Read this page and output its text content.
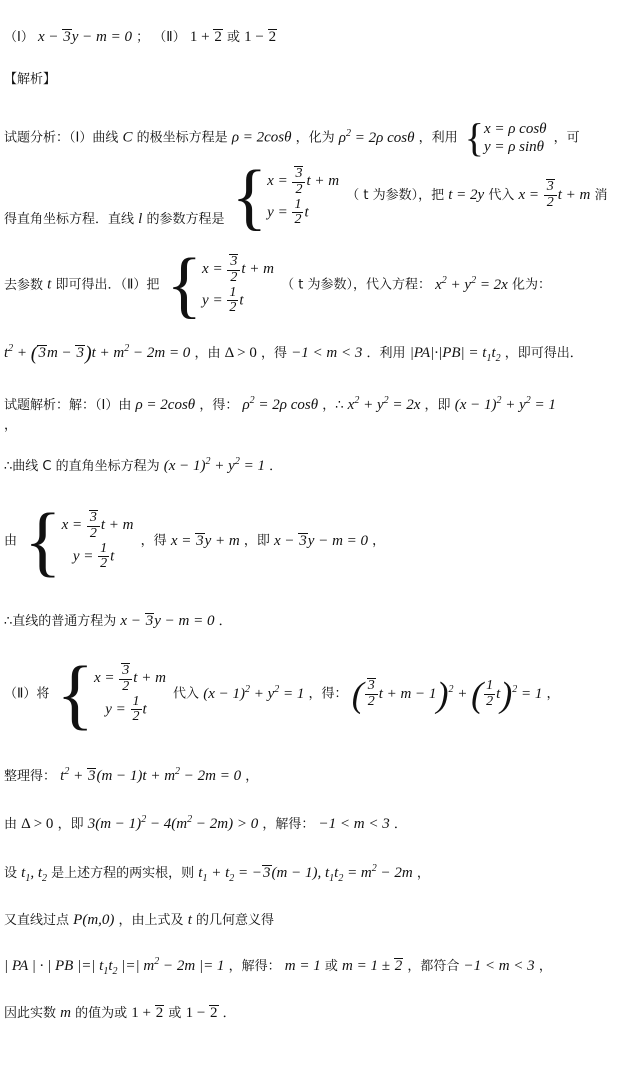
（Ⅰ） x − 3y − m = 0 ； （Ⅱ） 1 + 2 或 1 − 2
【解析】
试题分析：（Ⅰ）曲线 C 的极坐标方程是 ρ = 2cosθ ，化为 $\rho^2 = 2\rho$ cosθ ，利用 { x = ρ cosθ
y = ρ sinθ
，可
得直角坐标方程．直线 l 的参数方程是 { $x = \frac{3}{2}$ t + m
$y = \frac{1}{2}$ t
（ t 为参数），把 t = 2y 代入 $x = \frac{3}{2}$ t + m 消
去参数 t 即可得出．（Ⅱ）把 { $x = \frac{3}{2}$ t + m
$y = \frac{1}{2}$ t
（ t 为参数），代入方程： $x^2 + y^2 = 2x$ 化为：
$t^2 + (3m - 3)t + m^2 - 2m = 0$ ，由 Δ > 0 ，得 −1 < m < 3 ．利用 $|PA|\cdot|PB| = t_1t_2$ ，即可得出．
试题解析：解：（Ⅰ）由 ρ = 2cosθ ，得： $\rho^2 = 2\rho$ cosθ ，∴ $x^2 + y^2 = 2x$ ，即 $(x - 1)^2 + y^2 = 1$
，
∴曲线 C 的直角坐标方程为 $(x - 1)^2 + y^2 = 1$ ．
由 { $x = \frac{3}{2}$ t + m
$y = \frac{1}{2}$ t
，得 x = 3y + m ，即 x − 3y − m = 0 ，
∴直线的普通方程为 x − 3y − m = 0 ．
（Ⅱ）将 { $x = \frac{3}{2}$ t + m
$y = \frac{1}{2}$ t
代入 $(x - 1)^2 + y^2 = 1$ ，得： ( $\frac{3}{2}$ t + m − 1)$^2$ + ( $\frac{1}{2} t)^2 = 1$ ，
整理得： $t^2 + 3(m - 1)t + m^2 - 2m = 0$ ，
由 Δ > 0 ，即 $3(m - 1)^2 - 4(m^2 - 2m) > 0$ ，解得： −1 < m < 3 ．
设 $t_1$, $t_2$ 是上述方程的两实根，则 $t_1 + t_2 = -3(m - 1)$, $t_1t_2 = m^2 - 2m$ ，
又直线过点 P(m,0) ，由上式及 t 的几何意义得
| PA | · | PB |=| $t_1t_2$ |=| $m^2 - 2m$ |= 1 ，解得： m = 1 或 m = 1 ± 2 ，都符合 −1 < m < 3 ，
因此实数 m 的值为或 1 + 2 或 1 − 2 ．
